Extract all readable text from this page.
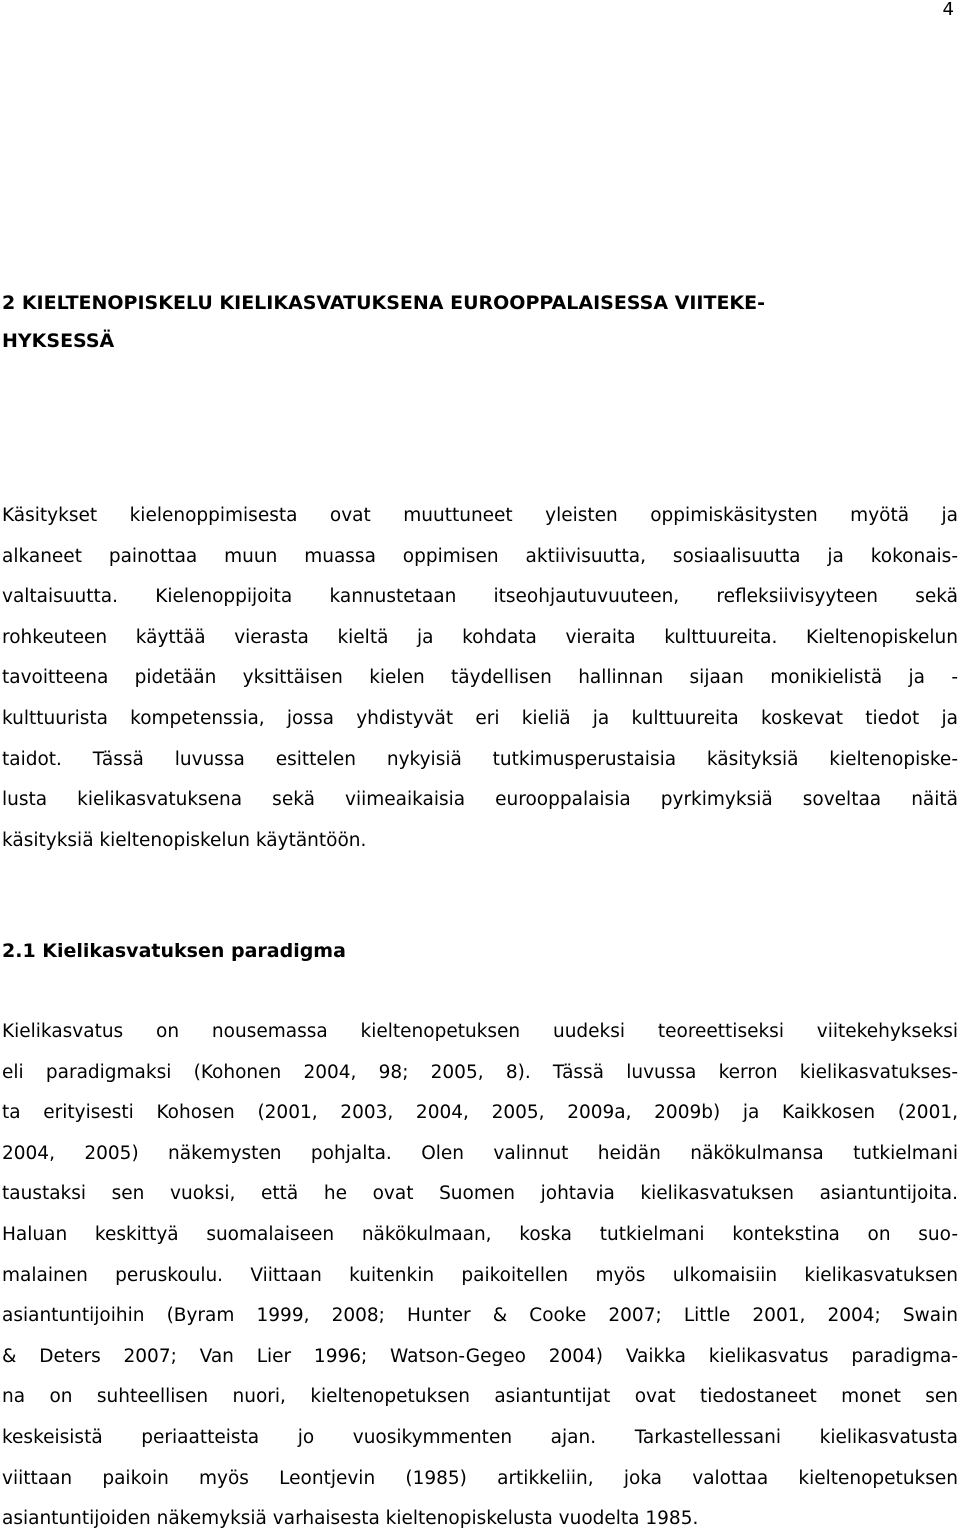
4
2 KIELTENOPISKELU KIELIKASVATUKSENA EUROOPPALAISESSA VIITEKE-
HYKSESSÄ
Käsitykset kielenoppimisesta ovat muuttuneet yleisten oppimiskäsitysten myötä ja
alkaneet painottaa muun muassa oppimisen aktiivisuutta, sosiaalisuutta ja kokonais-
valtaisuutta. Kielenoppijoita kannustetaan itseohjautuvuuteen, refleksiivisyyteen sekä
rohkeuteen käyttää vierasta kieltä ja kohdata vieraita kulttuureita. Kieltenopiskelun
tavoitteena pidetään yksittäisen kielen täydellisen hallinnan sijaan monikielistä ja -
kulttuurista kompetenssia, jossa yhdistyvät eri kieliä ja kulttuureita koskevat tiedot ja
taidot. Tässä luvussa esittelen nykyisiä tutkimusperustaisia käsityksiä kieltenopiske-
lusta kielikasvatuksena sekä viimeaikaisia eurooppalaisia pyrkimyksiä soveltaa näitä
käsityksiä kieltenopiskelun käytäntöön.
2.1 Kielikasvatuksen paradigma
Kielikasvatus on nousemassa kieltenopetuksen uudeksi teoreettiseksi viitekehykseksi
eli paradigmaksi (Kohonen 2004, 98; 2005, 8). Tässä luvussa kerron kielikasvatukses-
ta erityisesti Kohosen (2001, 2003, 2004, 2005, 2009a, 2009b) ja Kaikkosen (2001,
2004, 2005) näkemysten pohjalta. Olen valinnut heidän näkökulmansa tutkielmani
taustaksi sen vuoksi, että he ovat Suomen johtavia kielikasvatuksen asiantuntijoita.
Haluan keskittyä suomalaiseen näkökulmaan, koska tutkielmani kontekstina on suo-
malainen peruskoulu. Viittaan kuitenkin paikoitellen myös ulkomaisiin kielikasvatuksen
asiantuntijoihin (Byram 1999, 2008; Hunter & Cooke 2007; Little 2001, 2004; Swain
& Deters 2007; Van Lier 1996; Watson-Gegeo 2004) Vaikka kielikasvatus paradigma-
na on suhteellisen nuori, kieltenopetuksen asiantuntijat ovat tiedostaneet monet sen
keskeisistä periaatteista jo vuosikymmenten ajan. Tarkastellessani kielikasvatusta
viittaan paikoin myös Leontjevin (1985) artikkeliin, joka valottaa kieltenopetuksen
asiantuntijoiden näkemyksiä varhaisesta kieltenopiskelusta vuodelta 1985.
